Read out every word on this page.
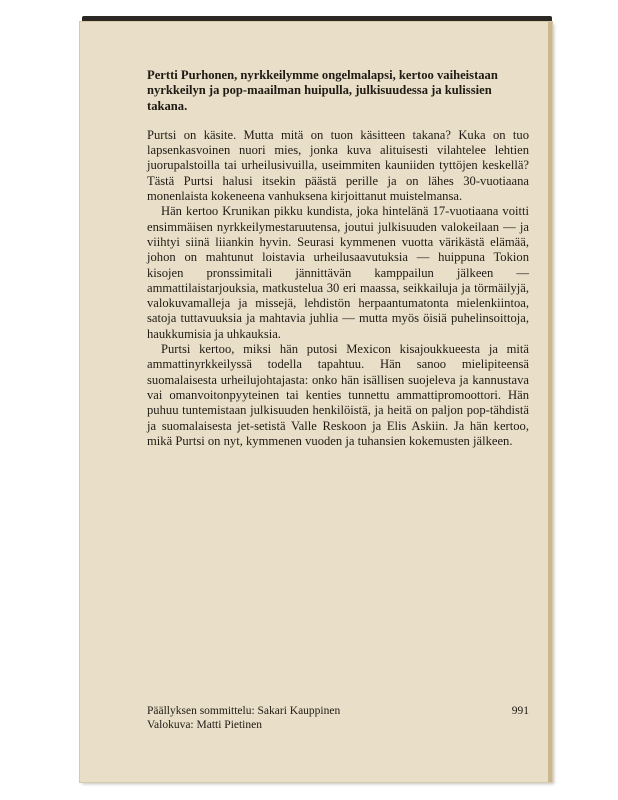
Pertti Purhonen, nyrkkeilymme ongelmalapsi, kertoo vaiheistaan nyrkkeilyn ja pop-maailman huipulla, julkisuudessa ja kulissien takana.

Purtsi on käsite. Mutta mitä on tuon käsitteen takana? Kuka on tuo lapsenkasvoinen nuori mies, jonka kuva alituisesti vilahtelee lehtien juorupalstoilla tai urheilusivuilla, useimmiten kauniiden tyttöjen keskellä? Tästä Purtsi halusi itsekin päästä perille ja on lähes 30-vuotiaana monenlaista kokeneena vanhuksena kirjoittanut muistelmansa.

Hän kertoo Krunikan pikku kundista, joka hintelänä 17-vuotiaana voitti ensimmäisen nyrkkeilymestaruutensa, joutui julkisuuden valokeilaan — ja viihtyi siinä liiankin hyvin. Seurasi kymmenen vuotta värikästä elämää, johon on mahtunut loistavia urheilusaavutuksia — huippuna Tokion kisojen pronssimitali jännittävän kamppailun jälkeen — ammattilaistarjouksia, matkustelua 30 eri maassa, seikkailuja ja törmäilyjä, valokuvamalleja ja missejä, lehdistön herpaantumatonta mielenkiintoa, satoja tuttavuuksia ja mahtavia juhlia — mutta myös öisiä puhelinsoittoja, haukkumisia ja uhkauksia.

Purtsi kertoo, miksi hän putosi Mexicon kisajoukkueesta ja mitä ammattinyrkkeilyssä todella tapahtuu. Hän sanoo mielipiteensä suomalaisesta urheilujohtajasta: onko hän isällisen suojeleva ja kannustava vai omanvoitonpyyteinen tai kenties tunnettu ammattipromoottori. Hän puhuu tuntemistaan julkisuuden henkilöistä, ja heitä on paljon pop-tähdistä ja suomalaisesta jet-setistä Valle Reskoon ja Elis Askiin. Ja hän kertoo, mikä Purtsi on nyt, kymmenen vuoden ja tuhansien kokemusten jälkeen.

Päällyksen sommittelu: Sakari Kauppinen	991
Valokuva: Matti Pietinen
